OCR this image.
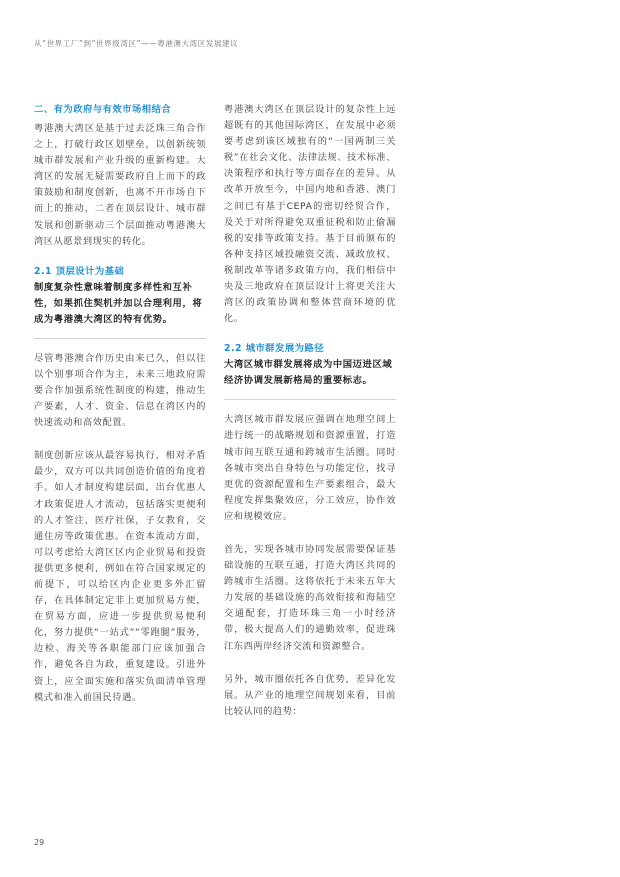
从“世界工厂”到“世界级湾区”——粤港澳大湾区发展建议
二、有为政府与有效市场相结合

粤港澳大湾区是基于过去泛珠三角合作之上，打破行政区划壁垒，以创新统领城市群发展和产业升级的重新构建。大湾区的发展无疑需要政府自上而下的政策鼓励和制度创新，也离不开市场自下而上的推动，二者在顶层设计、城市群发展和创新驱动三个层面推动粤港澳大湾区从愿景到现实的转化。

2.1 顶层设计为基础

制度复杂性意味着制度多样性和互补性，如果抓住契机并加以合理利用，将成为粤港澳大湾区的特有优势。

尽管粤港澳合作历史由来已久，但以往以个别事项合作为主，未来三地政府需要合作加强系统性制度的构建，推动生产要素，人才、资金、信息在湾区内的快速流动和高效配置。

制度创新应该从最容易执行，相对矛盾最少，双方可以共同创造价值的角度着手。如人才制度构建层面，出台优惠人才政策促进人才流动，包括落实更便利的人才签注，医疗社保，子女教育，交通住房等政策优惠。在资本流动方面，可以考虑给大湾区区内企业贸易和投资提供更多便利，例如在符合国家规定的前提下，可以给区内企业更多外汇留存，在具体制定定非上更加贸易方便，在贸易方面，应进一步提供贸易便利化，努力提供“一站式”“零跑腿”服务，边检、海关等各职能部门应该加强合作，避免各自为政，重复建设。引进外资上，应全面实施和落实负面清单管理模式和准入前国民待遇。

粤港澳大湾区在顶层设计的复杂性上远超既有的其他国际湾区，在发展中必须要考虑到该区域独有的“一国两制三关税”在社会文化、法律法规、技术标准、决策程序和执行等方面存在的差异。从改革开放至今，中国内地和香港、澳门之间已有基于CEPA的密切经贸合作，及关于对所得避免双重征税和防止偷漏税的安排等政策支持。基于目前颁布的各种支持区域投融资交流、减政放权、税制改革等诸多政策方向，我们相信中央及三地政府在顶层设计上将更关注大湾区的政策协调和整体营商环境的优化。

2.2 城市群发展为路径

大湾区城市群发展将成为中国迈进区域经济协调发展新格局的重要标志。

大湾区城市群发展应强调在地理空间上进行统一的战略规划和资源重置，打造城市间互联互通和跨城市生活圈。同时各城市突出自身特色与功能定位，找寻更优的资源配置和生产要素组合，最大程度发挥集聚效应，分工效应，协作效应和规模效应。

首先，实现各城市协同发展需要保证基础设施的互联互通，打造大湾区共同的跨城市生活圈。这将依托于未来五年大力发展的基础设施的高效衔接和海陆空交通配套，打造环珠三角一小时经济带，极大提高人们的通勤效率，促进珠江东西两岸经济交流和资源整合。

另外，城市圈依托各自优势，差异化发展。从产业的地理空间规划来看，目前比较认同的趋势：

29
